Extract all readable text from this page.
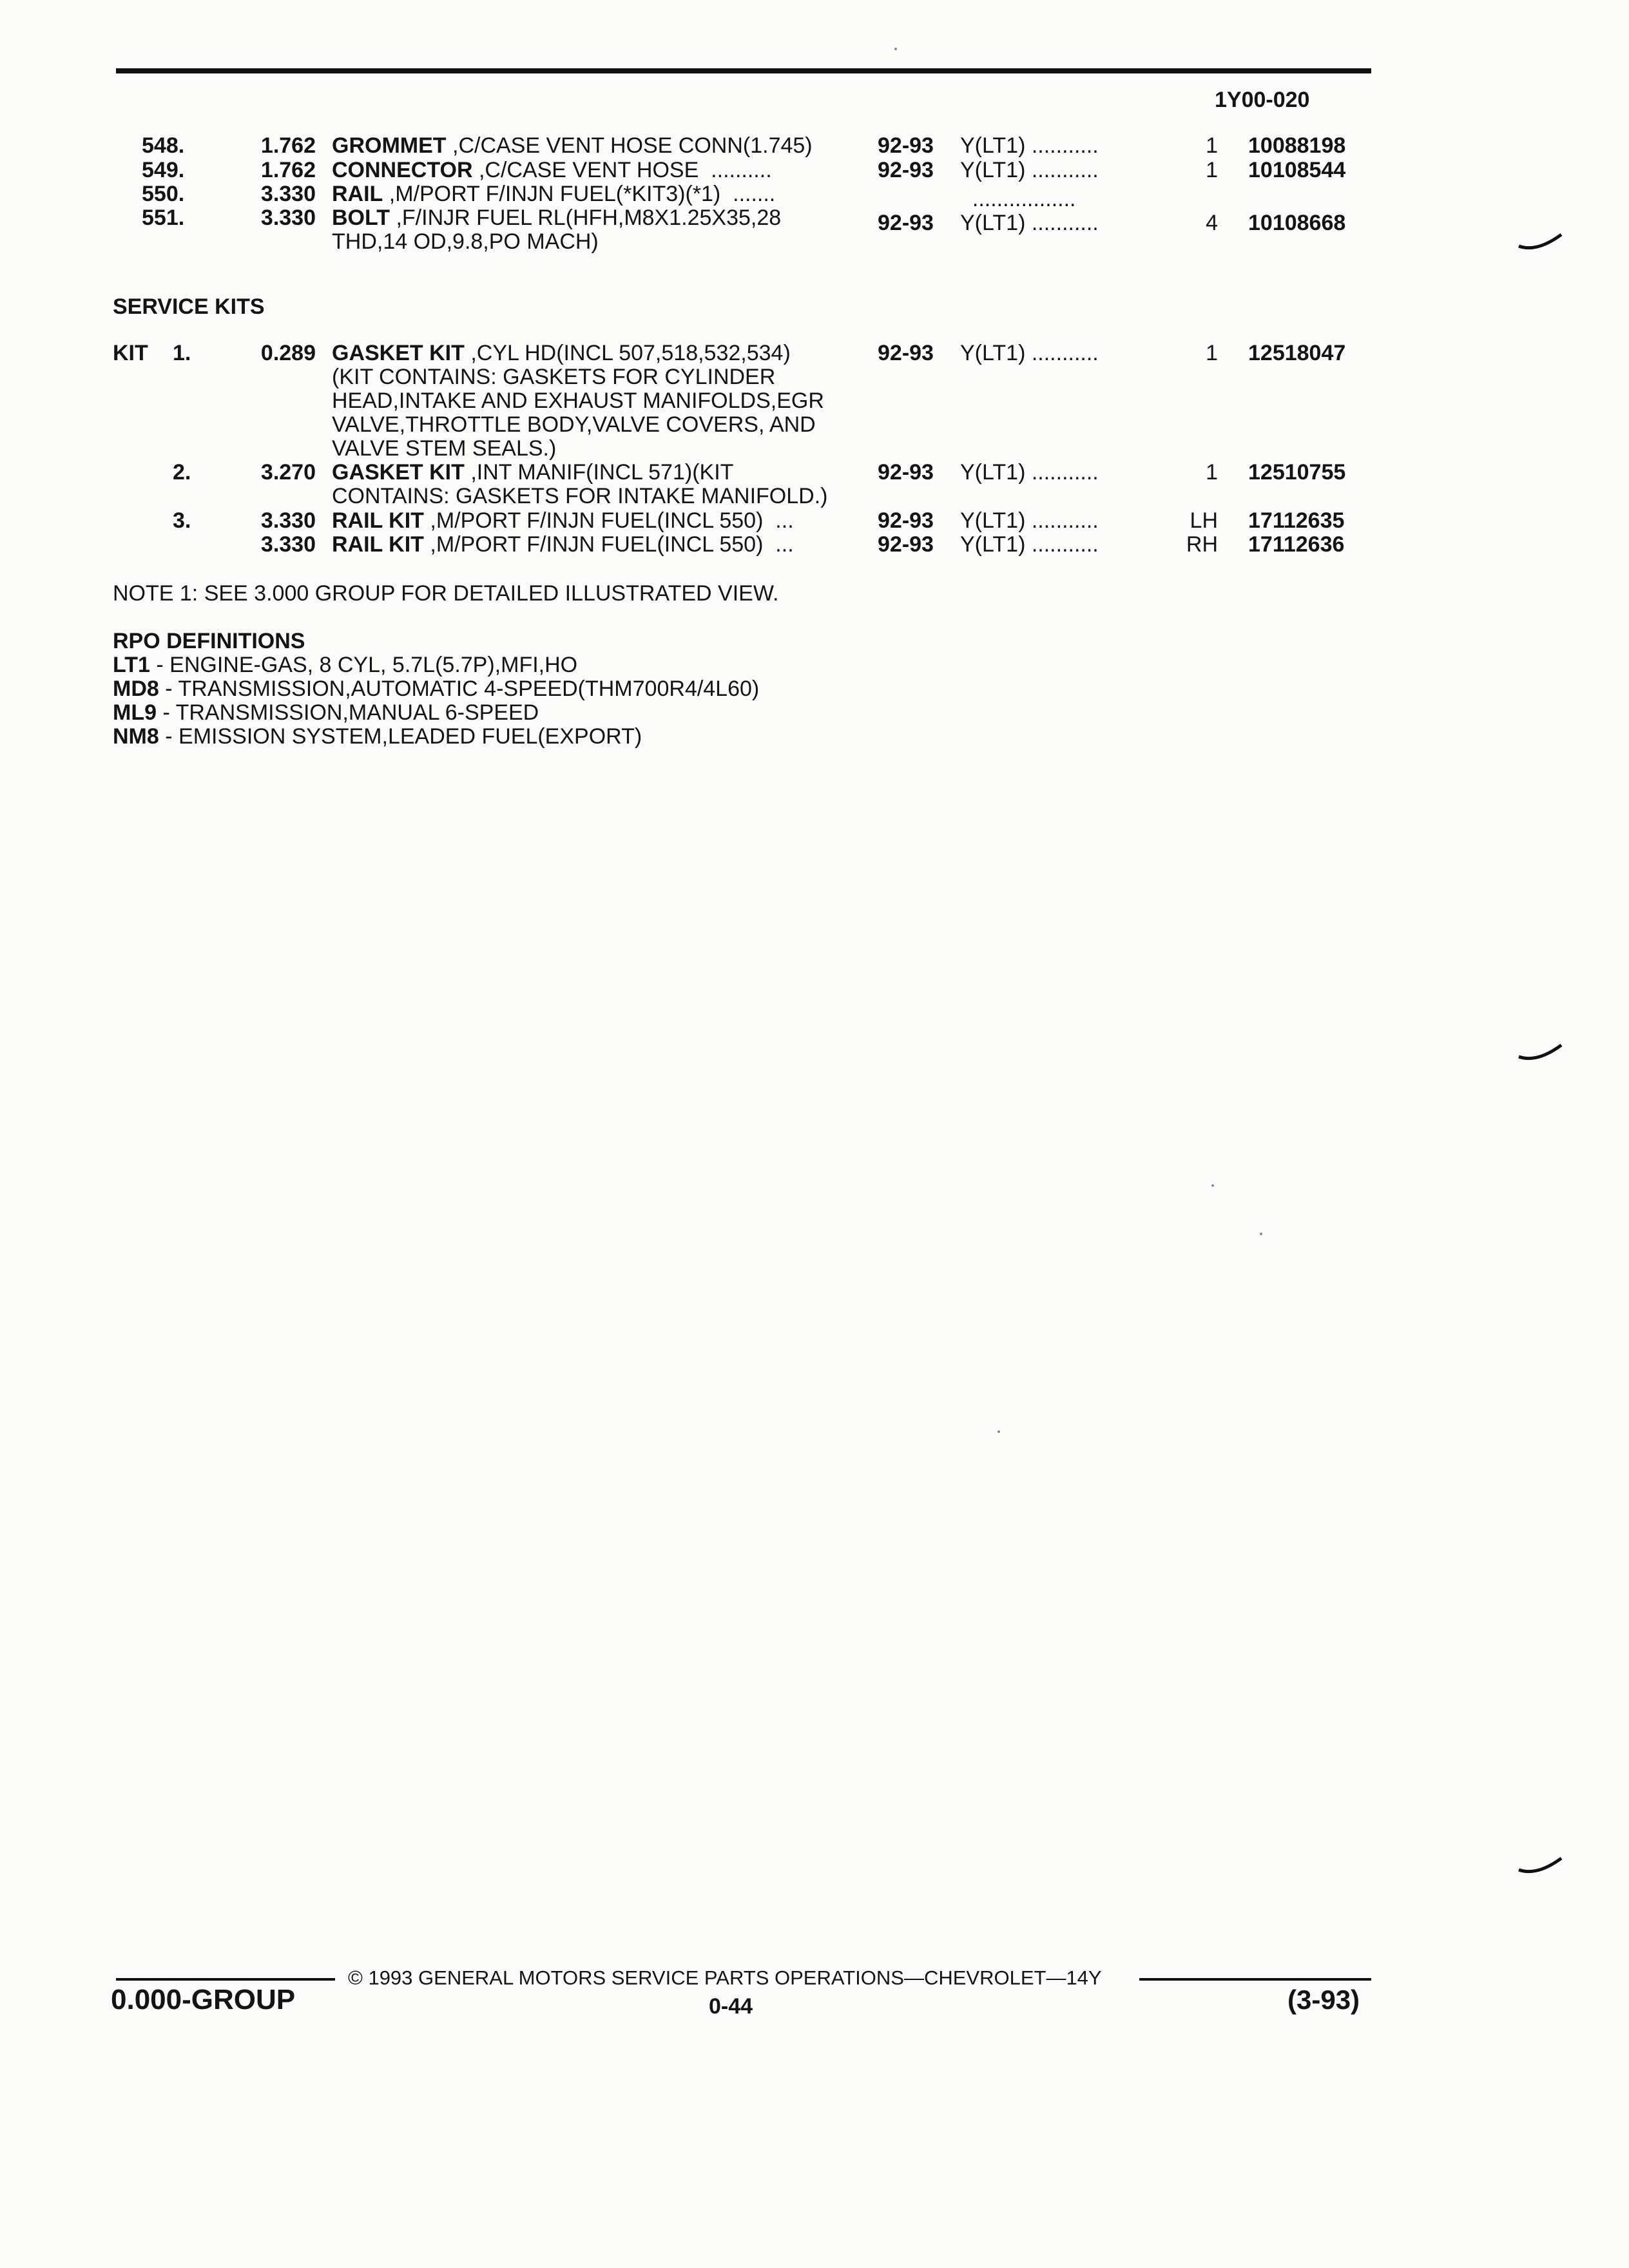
1Y00-020
548.	1.762 GROMMET ,C/CASE VENT HOSE CONN(1.745)	92-93	Y(LT1) ...........	1 10088198
549.	1.762 CONNECTOR ,C/CASE VENT HOSE  ..........	92-93	Y(LT1) ...........	1 10108544
550.	3.330 RAIL ,M/PORT F/INJN FUEL(*KIT3)(*1)  .......	.................
551.	3.330 BOLT ,F/INJR FUEL RL(HFH,M8X1.25X35,28	92-93	Y(LT1) ...........	4 10108668
THD,14 OD,9.8,PO MACH)
SERVICE KITS
KIT 1.	0.289 GASKET KIT ,CYL HD(INCL 507,518,532,534)	92-93	Y(LT1) ...........	1 12518047
(KIT CONTAINS: GASKETS FOR CYLINDER
HEAD,INTAKE AND EXHAUST MANIFOLDS,EGR
VALVE,THROTTLE BODY,VALVE COVERS, AND
VALVE STEM SEALS.)
2.	3.270 GASKET KIT ,INT MANIF(INCL 571)(KIT	92-93	Y(LT1) ...........	1 12510755
CONTAINS: GASKETS FOR INTAKE MANIFOLD.)
3.	3.330 RAIL KIT ,M/PORT F/INJN FUEL(INCL 550)  ...	92-93	Y(LT1) ...........	LH 17112635
3.330 RAIL KIT ,M/PORT F/INJN FUEL(INCL 550)  ...	92-93	Y(LT1) ...........	RH 17112636
NOTE 1: SEE 3.000 GROUP FOR DETAILED ILLUSTRATED VIEW.
RPO DEFINITIONS
LT1 - ENGINE-GAS, 8 CYL, 5.7L(5.7P),MFI,HO
MD8 - TRANSMISSION,AUTOMATIC 4-SPEED(THM700R4/4L60)
ML9 - TRANSMISSION,MANUAL 6-SPEED
NM8 - EMISSION SYSTEM,LEADED FUEL(EXPORT)
© 1993 GENERAL MOTORS SERVICE PARTS OPERATIONS—CHEVROLET—14Y
0.000-GROUP	0-44	(3-93)
